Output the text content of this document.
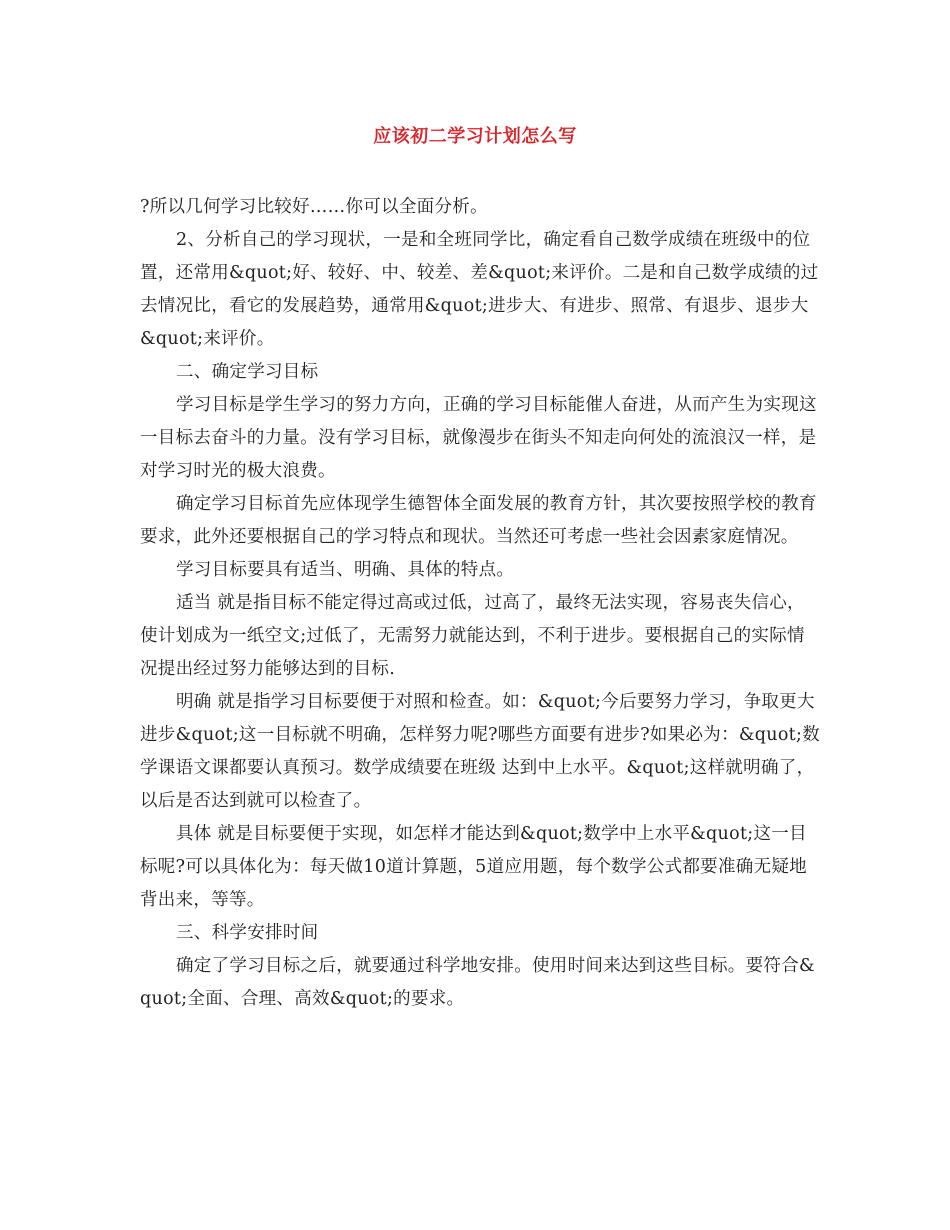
应该初二学习计划怎么写

?所以几何学习比较好……你可以全面分析。

2、分析自己的学习现状，一是和全班同学比，确定看自己数学成绩在班级中的位置，还常用&quot;好、较好、中、较差、差&quot;来评价。二是和自己数学成绩的过去情况比，看它的发展趋势，通常用&quot;进步大、有进步、照常、有退步、退步大&quot;来评价。

二、确定学习目标

学习目标是学生学习的努力方向，正确的学习目标能催人奋进，从而产生为实现这一目标去奋斗的力量。没有学习目标，就像漫步在街头不知走向何处的流浪汉一样，是对学习时光的极大浪费。

确定学习目标首先应体现学生德智体全面发展的教育方针，其次要按照学校的教育要求，此外还要根据自己的学习特点和现状。当然还可考虑一些社会因素家庭情况。

学习目标要具有适当、明确、具体的特点。

适当 就是指目标不能定得过高或过低，过高了，最终无法实现，容易丧失信心，使计划成为一纸空文;过低了，无需努力就能达到，不利于进步。要根据自己的实际情况提出经过努力能够达到的目标.

明确 就是指学习目标要便于对照和检查。如：&quot;今后要努力学习，争取更大进步&quot;这一目标就不明确，怎样努力呢?哪些方面要有进步?如果必为：&quot;数学课语文课都要认真预习。数学成绩要在班级 达到中上水平。&quot;这样就明确了，以后是否达到就可以检查了。

具体 就是目标要便于实现，如怎样才能达到&quot;数学中上水平&quot;这一目标呢?可以具体化为：每天做10道计算题，5道应用题，每个数学公式都要准确无疑地背出来，等等。

三、科学安排时间

确定了学习目标之后，就要通过科学地安排。使用时间来达到这些目标。要符合&quot;全面、合理、高效&quot;的要求。
